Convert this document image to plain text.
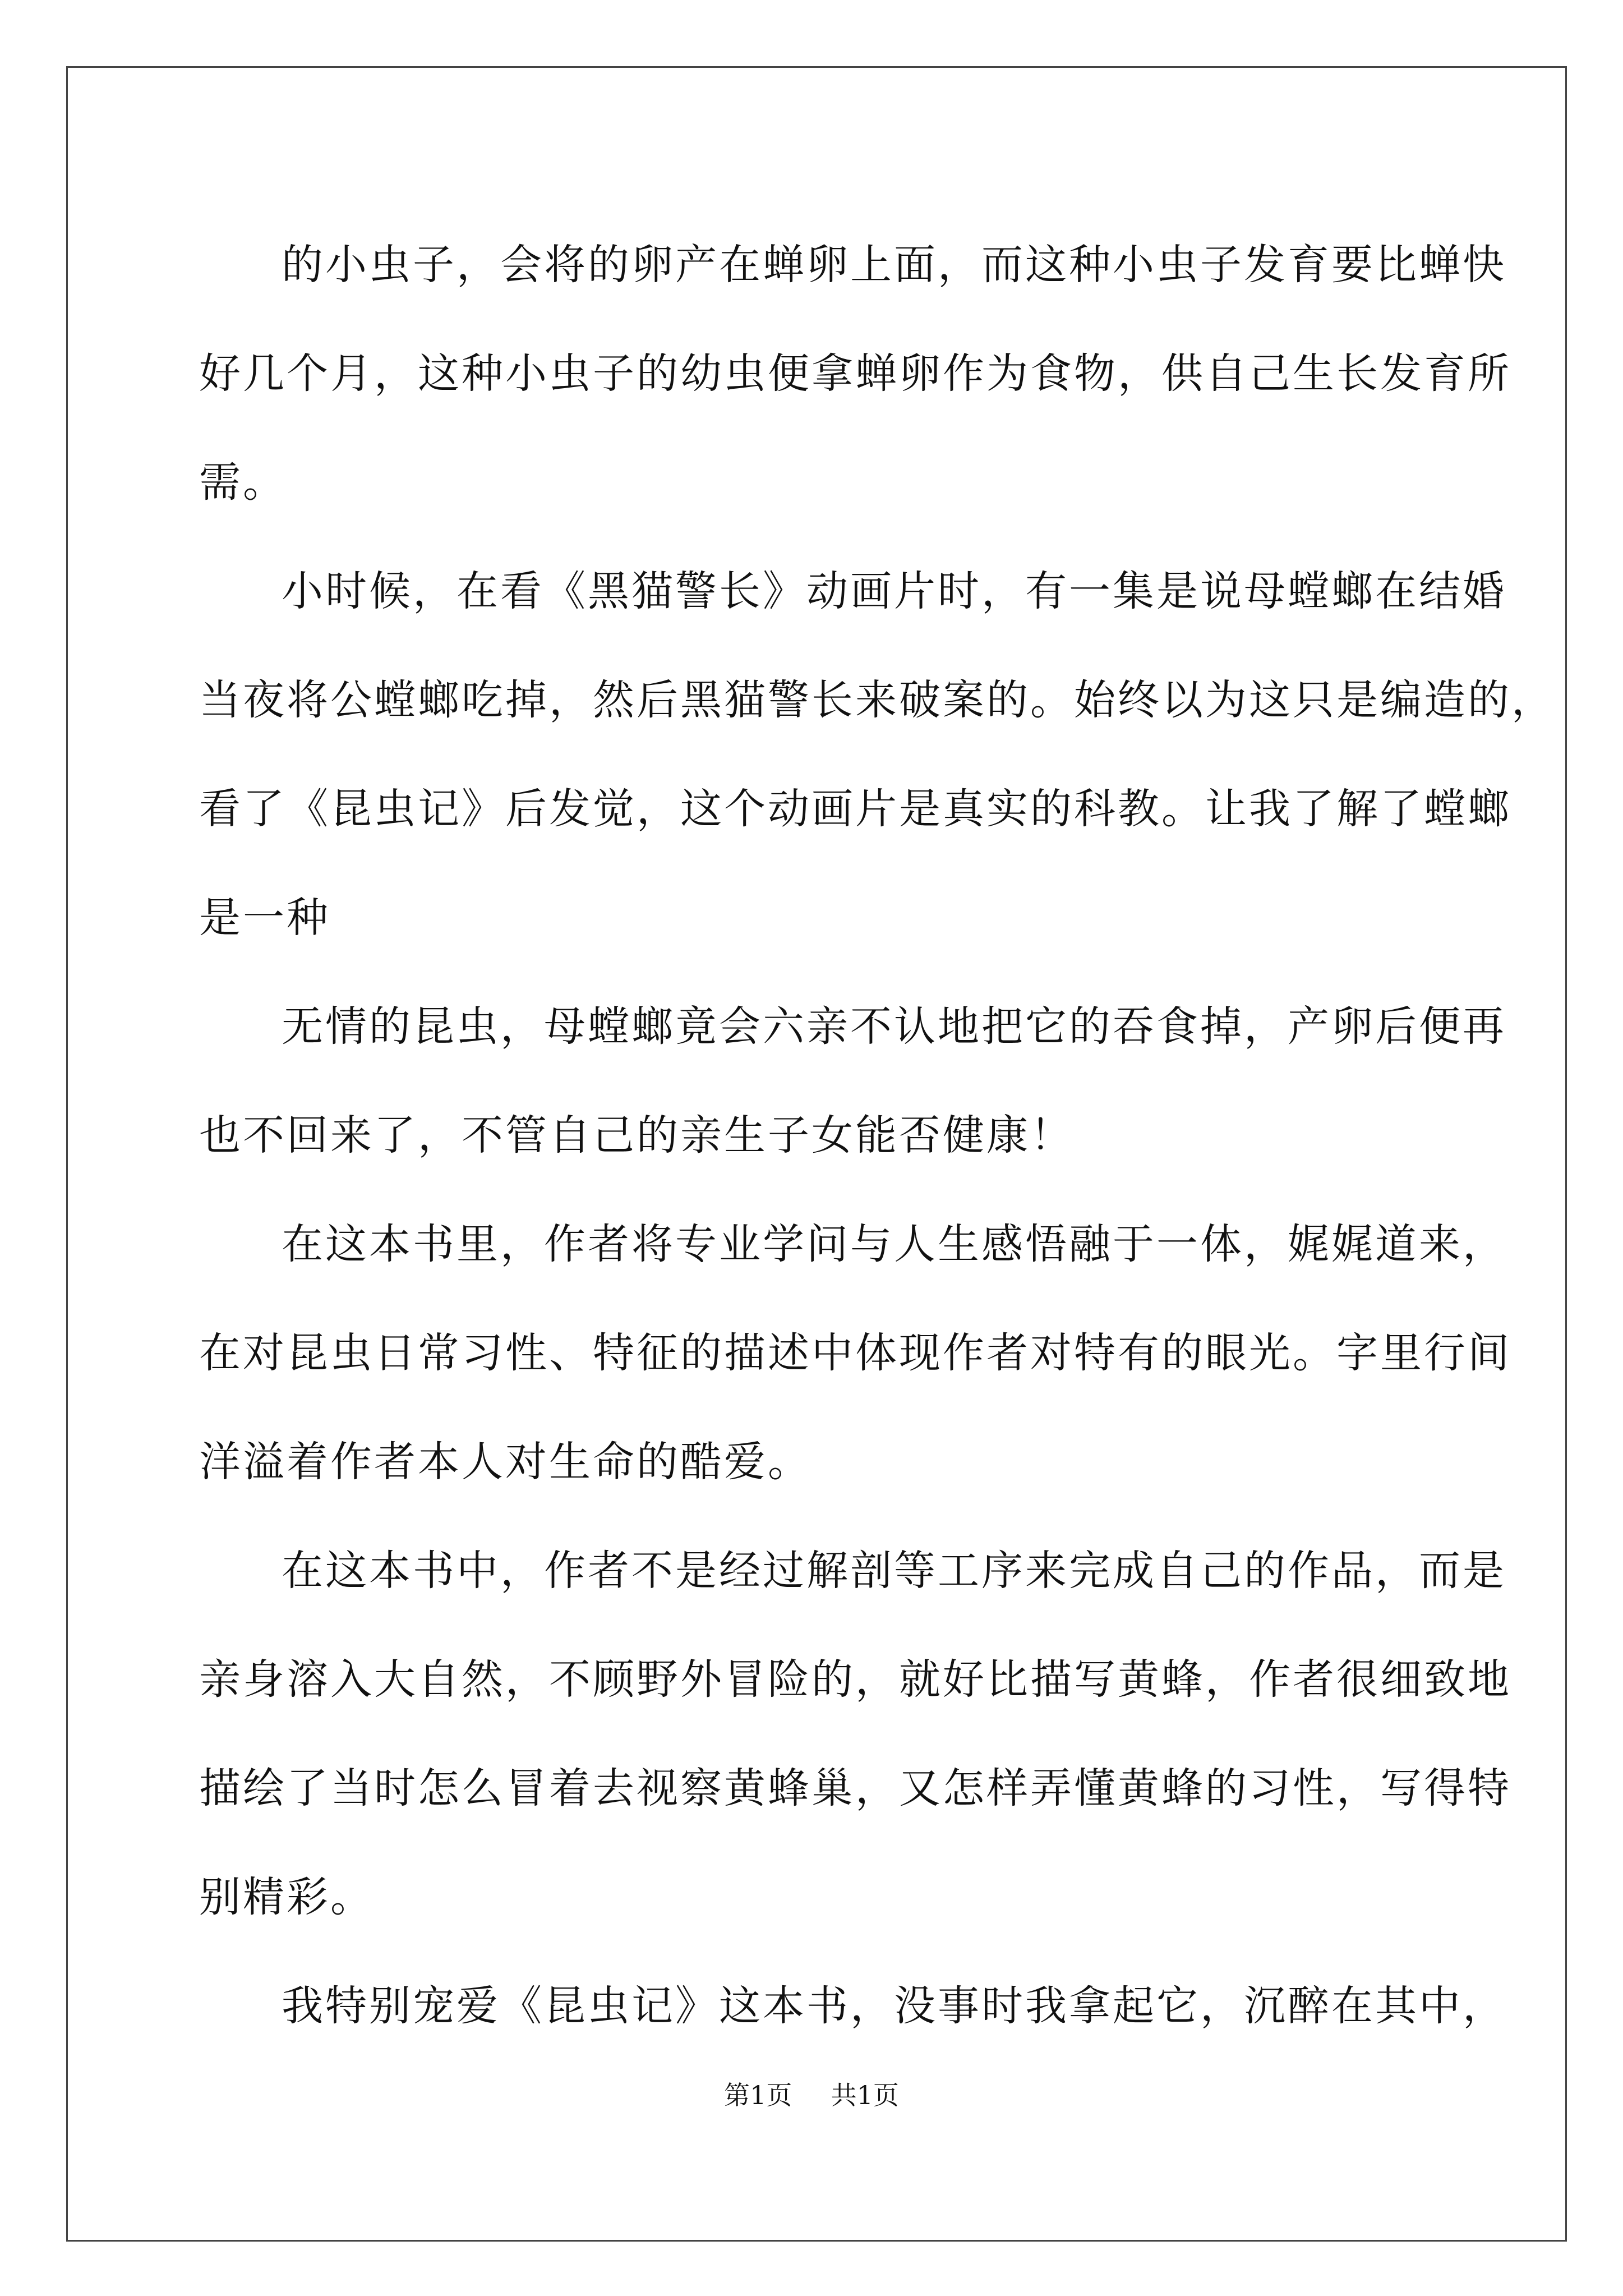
的小虫子，会将的卵产在蝉卵上面，而这种小虫子发育要比蝉快
好几个月，这种小虫子的幼虫便拿蝉卵作为食物，供自己生长发育所
需。
小时候，在看《黑猫警长》动画片时，有一集是说母螳螂在结婚
当夜将公螳螂吃掉，然后黑猫警长来破案的。始终以为这只是编造的，
看了《昆虫记》后发觉，这个动画片是真实的科教。让我了解了螳螂
是一种
无情的昆虫，母螳螂竟会六亲不认地把它的吞食掉，产卵后便再
也不回来了，不管自己的亲生子女能否健康！
在这本书里，作者将专业学问与人生感悟融于一体，娓娓道来，
在对昆虫日常习性、特征的描述中体现作者对特有的眼光。字里行间
洋溢着作者本人对生命的酷爱。
在这本书中，作者不是经过解剖等工序来完成自己的作品，而是
亲身溶入大自然，不顾野外冒险的，就好比描写黄蜂，作者很细致地
描绘了当时怎么冒着去视察黄蜂巢，又怎样弄懂黄蜂的习性，写得特
别精彩。
我特别宠爱《昆虫记》这本书，没事时我拿起它，沉醉在其中，
第1页 共1页
